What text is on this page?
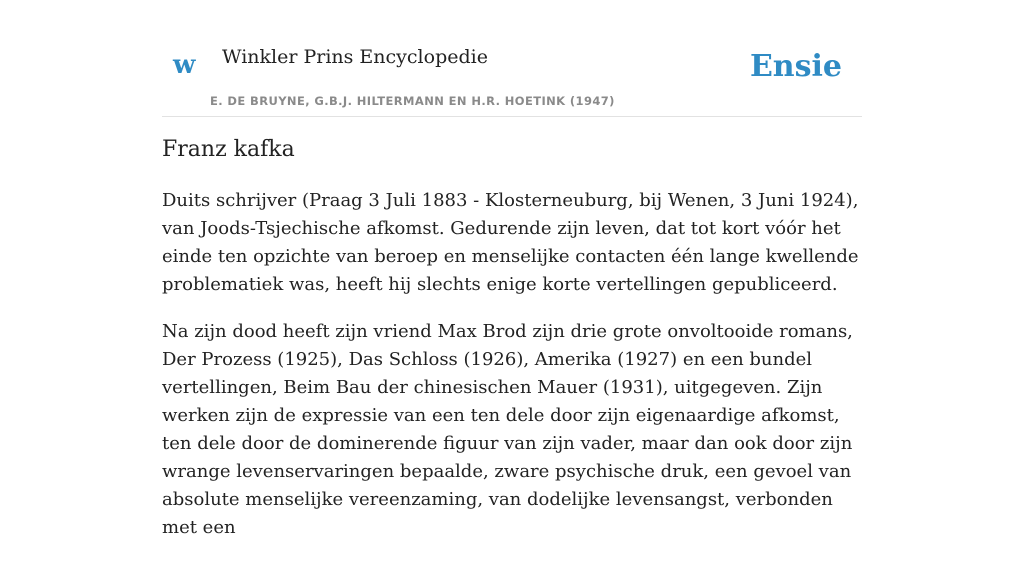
w Winkler Prins Encyclopedie
E. DE BRUYNE, G.B.J. HILTERMANN EN H.R. HOETINK (1947)
Ensie
Franz kafka

Duits schrijver (Praag 3 Juli 1883 - Klosterneuburg, bij Wenen, 3 Juni 1924), van Joods-Tsjechische afkomst. Gedurende zijn leven, dat tot kort vóór het einde ten opzichte van beroep en menselijke contacten één lange kwellende problematiek was, heeft hij slechts enige korte vertellingen gepubliceerd.

Na zijn dood heeft zijn vriend Max Brod zijn drie grote onvoltooide romans, Der Prozess (1925), Das Schloss (1926), Amerika (1927) en een bundel vertellingen, Beim Bau der chinesischen Mauer (1931), uitgegeven. Zijn werken zijn de expressie van een ten dele door zijn eigenaardige afkomst, ten dele door de dominerende figuur van zijn vader, maar dan ook door zijn wrange levenservaringen bepaalde, zware psychische druk, een gevoel van absolute menselijke vereenzaming, van dodelijke levensangst, verbonden met een
